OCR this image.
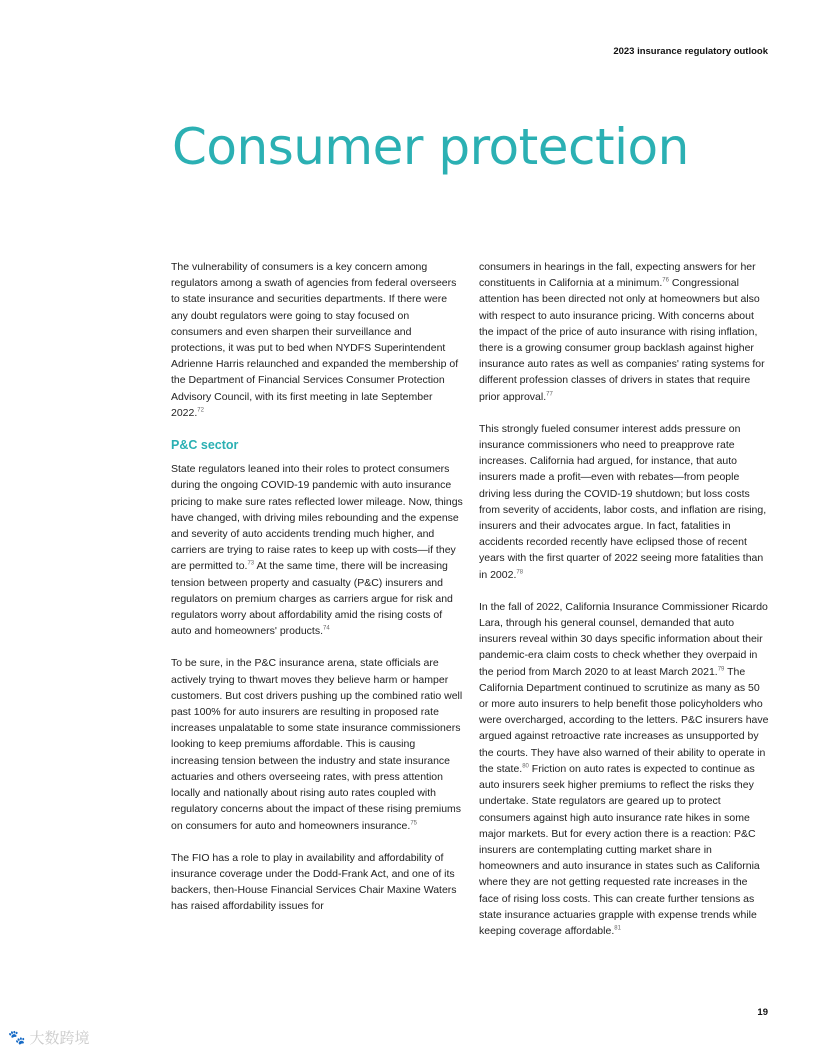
2023 insurance regulatory outlook
Consumer protection

The vulnerability of consumers is a key concern among regulators among a swath of agencies from federal overseers to state insurance and securities departments. If there were any doubt regulators were going to stay focused on consumers and even sharpen their surveillance and protections, it was put to bed when NYDFS Superintendent Adrienne Harris relaunched and expanded the membership of the Department of Financial Services Consumer Protection Advisory Council, with its first meeting in late September 2022.72

P&C sector

State regulators leaned into their roles to protect consumers during the ongoing COVID-19 pandemic with auto insurance pricing to make sure rates reflected lower mileage. Now, things have changed, with driving miles rebounding and the expense and severity of auto accidents trending much higher, and carriers are trying to raise rates to keep up with costs—if they are permitted to.$^{73}$ At the same time, there will be increasing tension between property and casualty (P&C) insurers and regulators on premium charges as carriers argue for risk and regulators worry about affordability amid the rising costs of auto and homeowners' products.$^{74}$

To be sure, in the P&C insurance arena, state officials are actively trying to thwart moves they believe harm or hamper customers. But cost drivers pushing up the combined ratio well past 100% for auto insurers are resulting in proposed rate increases unpalatable to some state insurance commissioners looking to keep premiums affordable. This is causing increasing tension between the industry and state insurance actuaries and others overseeing rates, with press attention locally and nationally about rising auto rates coupled with regulatory concerns about the impact of these rising premiums on consumers for auto and homeowners insurance.$^{75}$

The FIO has a role to play in availability and affordability of insurance coverage under the Dodd-Frank Act, and one of its backers, then-House Financial Services Chair Maxine Waters has raised affordability issues for

consumers in hearings in the fall, expecting answers for her constituents in California at a minimum.$^{76}$ Congressional attention has been directed not only at homeowners but also with respect to auto insurance pricing. With concerns about the impact of the price of auto insurance with rising inflation, there is a growing consumer group backlash against higher insurance auto rates as well as companies' rating systems for different profession classes of drivers in states that require prior approval.$^{77}$

This strongly fueled consumer interest adds pressure on insurance commissioners who need to preapprove rate increases. California had argued, for instance, that auto insurers made a profit—even with rebates—from people driving less during the COVID-19 shutdown; but loss costs from severity of accidents, labor costs, and inflation are rising, insurers and their advocates argue. In fact, fatalities in accidents recorded recently have eclipsed those of recent years with the first quarter of 2022 seeing more fatalities than in 2002.78

In the fall of 2022, California Insurance Commissioner Ricardo Lara, through his general counsel, demanded that auto insurers reveal within 30 days specific information about their pandemic-era claim costs to check whether they overpaid in the period from March 2020 to at least March 2021.79 The California Department continued to scrutinize as many as 50 or more auto insurers to help benefit those policyholders who were overcharged, according to the letters. P&C insurers have argued against retroactive rate increases as unsupported by the courts. They have also warned of their ability to operate in the state.$^{80}$ Friction on auto rates is expected to continue as auto insurers seek higher premiums to reflect the risks they undertake. State regulators are geared up to protect consumers against high auto insurance rate hikes in some major markets. But for every action there is a reaction: P&C insurers are contemplating cutting market share in homeowners and auto insurance in states such as California where they are not getting requested rate increases in the face of rising loss costs. This can create further tensions as state insurance actuaries grapple with expense trends while keeping coverage affordable.$^{81}$

19
🐾 大数跨境
